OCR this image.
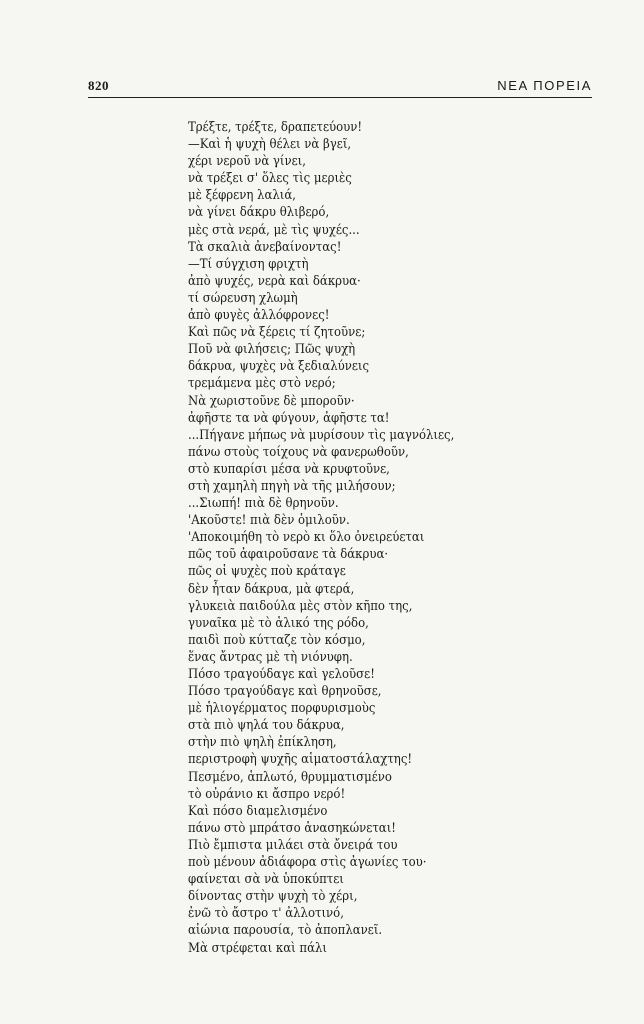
820	ΝΕΑ ΠΟΡΕΙΑ
Τρέξτε, τρέξτε, δραπετεύουν!
—Καὶ ἡ ψυχὴ θέλει νὰ βγεῖ,
χέρι νεροῦ νὰ γίνει,
νὰ τρέξει σ' ὅλες τὶς μεριὲς
μὲ ξέφρενη λαλιά,
νὰ γίνει δάκρυ θλιβερό,
μὲς στὰ νερά, μὲ τὶς ψυχές...
Τὰ σκαλιὰ ἀνεβαίνοντας!
—Τί σύγχιση φριχτὴ
ἀπὸ ψυχές, νερὰ καὶ δάκρυα·
τί σώρευση χλωμὴ
ἀπὸ φυγὲς ἀλλόφρονες!
Καὶ πῶς νὰ ξέρεις τί ζητοῦνε;
Ποῦ νὰ φιλήσεις; Πῶς ψυχὴ
δάκρυα, ψυχὲς νὰ ξεδιαλύνεις
τρεμάμενα μὲς στὸ νερό;
Νὰ χωριστοῦνε δὲ μποροῦν·
ἀφῆστε τα νὰ φύγουν, ἀφῆστε τα!
...Πήγανε μήπως νὰ μυρίσουν τὶς μαγνόλιες,
πάνω στοὺς τοίχους νὰ φανερωθοῦν,
στὸ κυπαρίσι μέσα νὰ κρυφτοῦνε,
στὴ χαμηλὴ πηγὴ νὰ τῆς μιλήσουν;
...Σιωπή! πιὰ δὲ θρηνοῦν.
'Ακοῦστε! πιὰ δὲν ὁμιλοῦν.
'Αποκοιμήθη τὸ νερὸ κι ὅλο ὀνειρεύεται
πῶς τοῦ ἀφαιροῦσανε τὰ δάκρυα·
πῶς οἱ ψυχὲς ποὺ κράταγε
δὲν ἦταν δάκρυα, μὰ φτερά,
γλυκειὰ παιδούλα μὲς στὸν κῆπο της,
γυναῖκα μὲ τὸ ἁλικό της ρόδο,
παιδὶ ποὺ κύτταζε τὸν κόσμο,
ἕνας ἄντρας μὲ τὴ νιόνυφη.
Πόσο τραγούδαγε καὶ γελοῦσε!
Πόσο τραγούδαγε καὶ θρηνοῦσε,
μὲ ἡλιογέρματος πορφυρισμοὺς
στὰ πιὸ ψηλά του δάκρυα,
στὴν πιὸ ψηλὴ ἐπίκληση,
περιστροφὴ ψυχῆς αἱματοστάλαχτης!
Πεσμένο, ἁπλωτό, θρυμματισμένο
τὸ οὐράνιο κι ἄσπρο νερό!
Καὶ πόσο διαμελισμένο
πάνω στὸ μπράτσο ἀνασηκώνεται!
Πιὸ ἔμπιστα μιλάει στὰ ὄνειρά του
ποὺ μένουν ἀδιάφορα στὶς ἀγωνίες του·
φαίνεται σὰ νὰ ὑποκύπτει
δίνοντας στὴν ψυχὴ τὸ χέρι,
ἐνῶ τὸ ἄστρο τ' ἀλλοτινό,
αἰώνια παρουσία, τὸ ἀποπλανεῖ.
Μὰ στρέφεται καὶ πάλι
